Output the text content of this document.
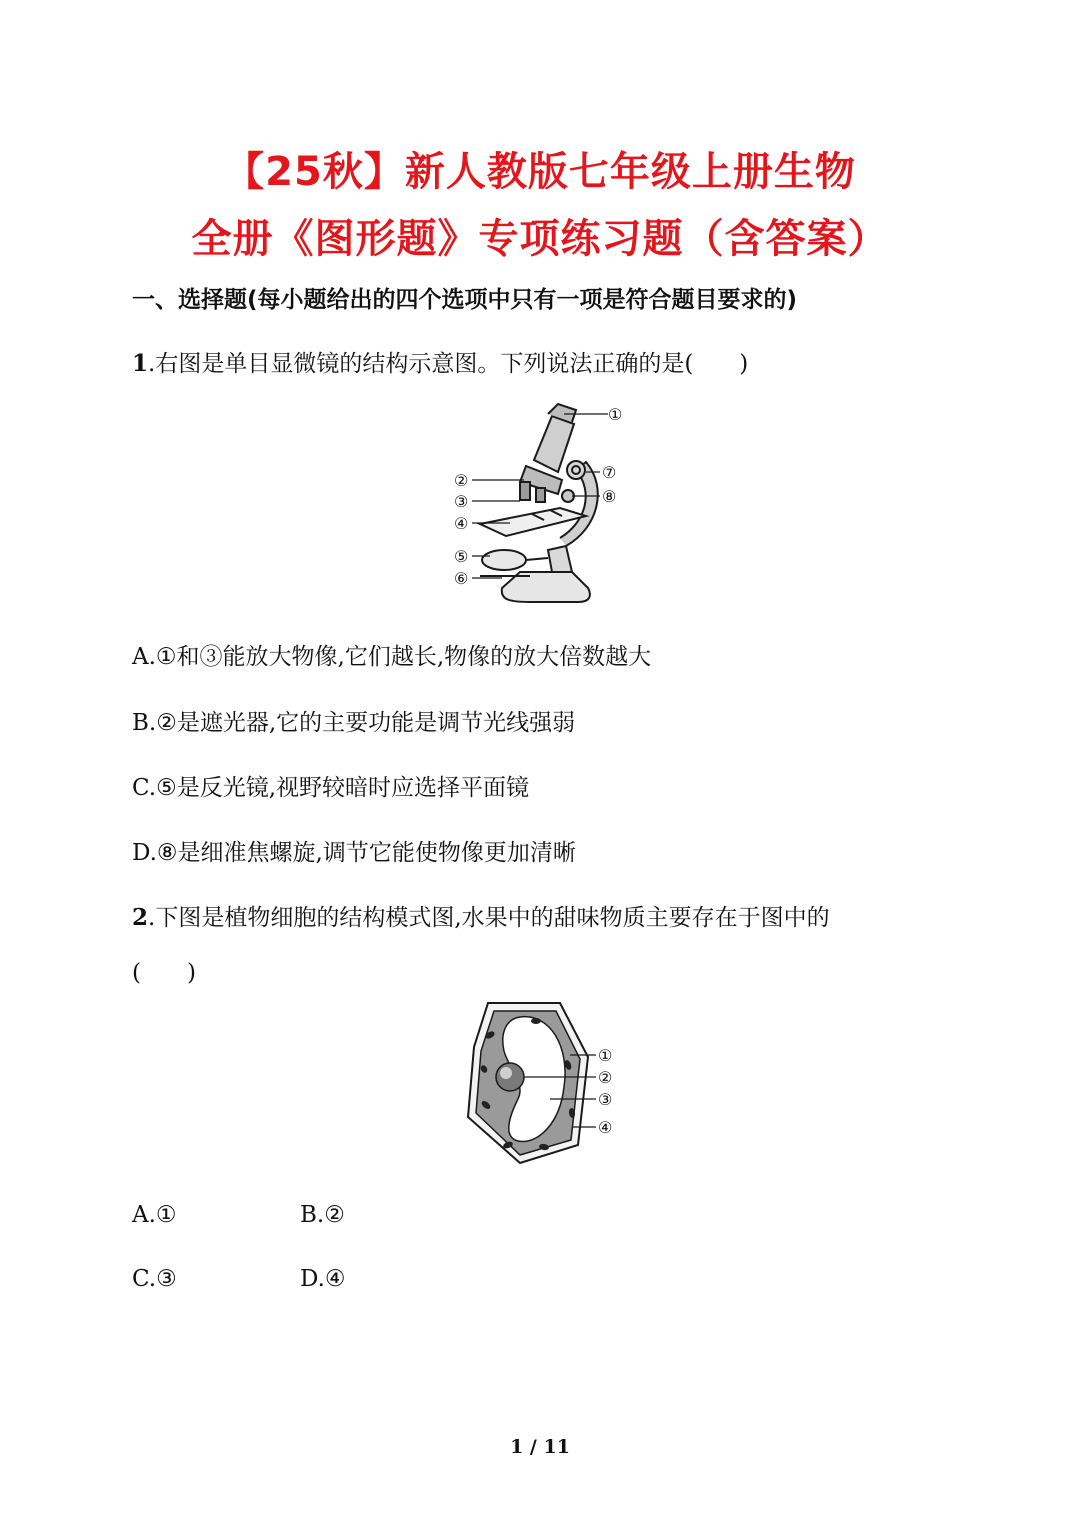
【25秋】新人教版七年级上册生物
全册《图形题》专项练习题（含答案）
一、选择题(每小题给出的四个选项中只有一项是符合题目要求的)
1.右图是单目显微镜的结构示意图。下列说法正确的是(　　)
①
②
③
④
⑤
⑥
⑦
⑧
A.①和③能放大物像,它们越长,物像的放大倍数越大
B.②是遮光器,它的主要功能是调节光线强弱
C.⑤是反光镜,视野较暗时应选择平面镜
D.⑧是细准焦螺旋,调节它能使物像更加清晰
2.下图是植物细胞的结构模式图,水果中的甜味物质主要存在于图中的
(　　)
①
②
③
④
A.①	B.②
C.③	D.④
1 / 11
